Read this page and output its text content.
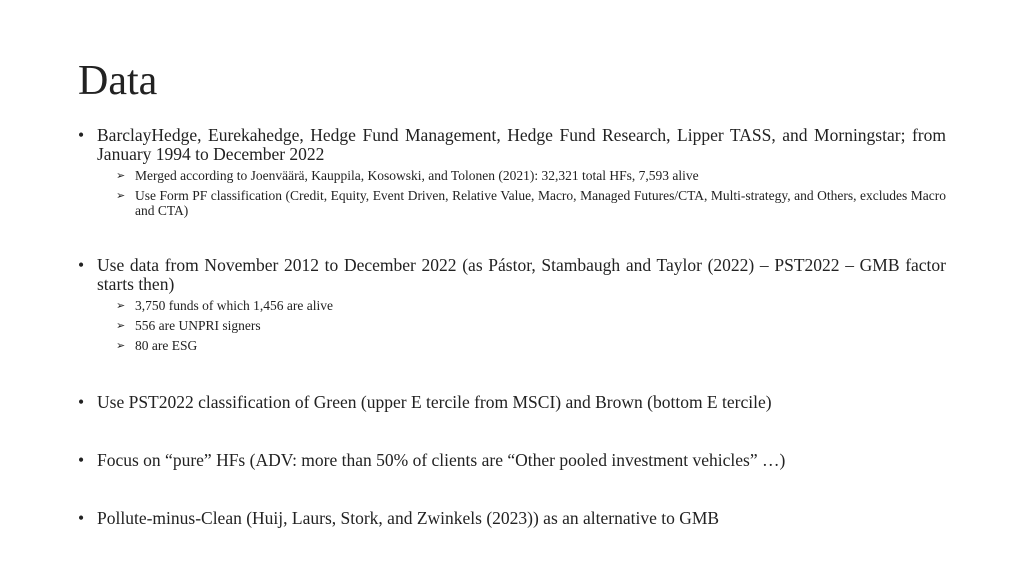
Data
• BarclayHedge, Eurekahedge, Hedge Fund Management, Hedge Fund Research, Lipper TASS, and Morningstar; from January 1994 to December 2022
➢ Merged according to Joenväärä, Kauppila, Kosowski, and Tolonen (2021): 32,321 total HFs, 7,593 alive
➢ Use Form PF classification (Credit, Equity, Event Driven, Relative Value, Macro, Managed Futures/CTA, Multi-strategy, and Others, excludes Macro and CTA)
• Use data from November 2012 to December 2022 (as Pástor, Stambaugh and Taylor (2022) – PST2022 – GMB factor starts then)
➢ 3,750 funds of which 1,456 are alive
➢ 556 are UNPRI signers
➢ 80 are ESG
• Use PST2022 classification of Green (upper E tercile from MSCI) and Brown (bottom E tercile)
• Focus on “pure” HFs (ADV: more than 50% of clients are “Other pooled investment vehicles” …)
• Pollute-minus-Clean (Huij, Laurs, Stork, and Zwinkels (2023)) as an alternative to GMB
